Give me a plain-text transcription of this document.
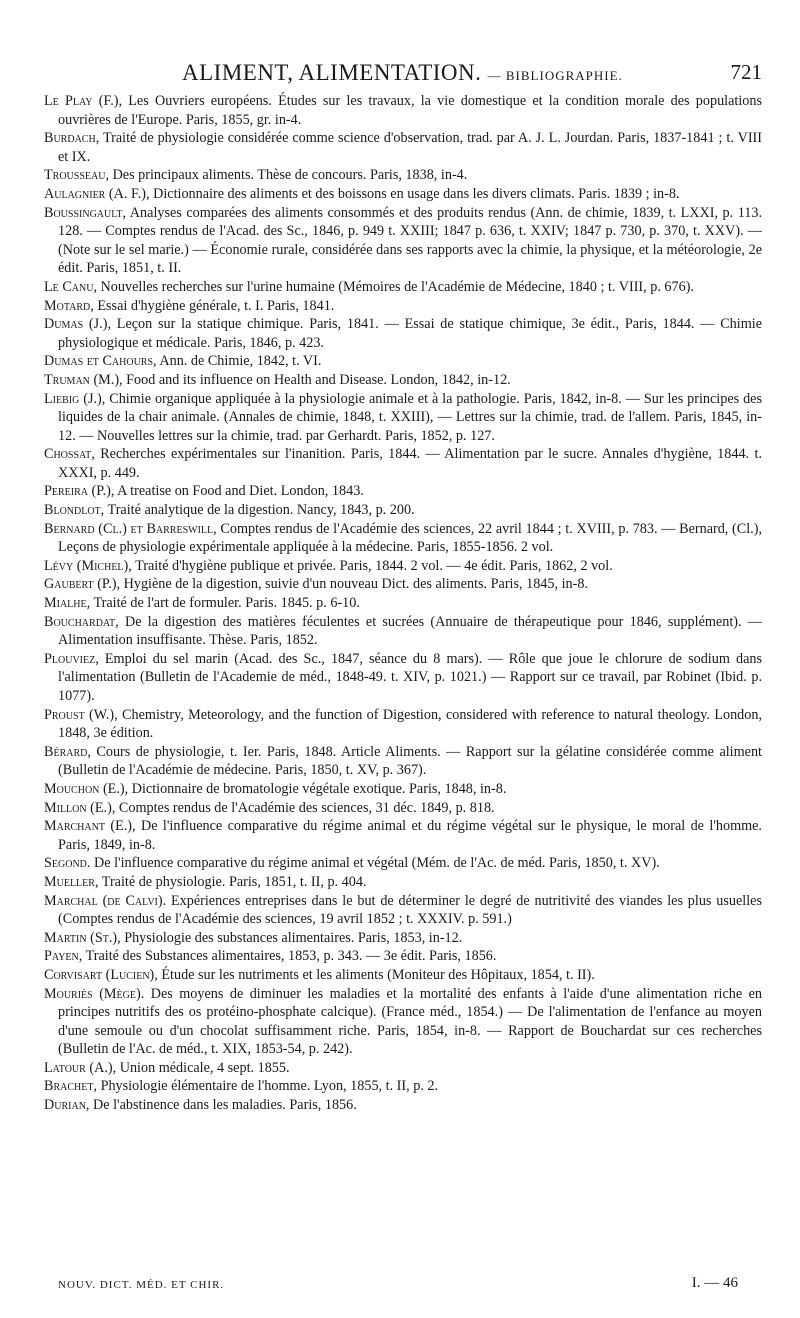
ALIMENT, ALIMENTATION. — BIBLIOGRAPHIE.	721

Le Play (F.), Les Ouvriers européens. Études sur les travaux, la vie domestique et la condition morale des populations ouvrières de l'Europe. Paris, 1855, gr. in-4.

Burdach, Traité de physiologie considérée comme science d'observation, trad. par A. J. L. Jourdan. Paris, 1837-1841 ; t. VIII et IX.

Trousseau, Des principaux aliments. Thèse de concours. Paris, 1838, in-4.

Aulagnier (A. F.), Dictionnaire des aliments et des boissons en usage dans les divers climats. Paris. 1839 ; in-8.

Boussingault, Analyses comparées des aliments consommés et des produits rendus (Ann. de chimie, 1839, t. LXXI, p. 113. 128. — Comptes rendus de l'Acad. des Sc., 1846, p. 949 t. XXIII; 1847 p. 636, t. XXIV; 1847 p. 730, p. 370, t. XXV). — (Note sur le sel marie.) — Économie rurale, considérée dans ses rapports avec la chimie, la physique, et la météorologie, 2e édit. Paris, 1851, t. II.

Le Canu, Nouvelles recherches sur l'urine humaine (Mémoires de l'Académie de Médecine, 1840 ; t. VIII, p. 676).

Motard, Essai d'hygiène générale, t. I. Paris, 1841.

Dumas (J.), Leçon sur la statique chimique. Paris, 1841. — Essai de statique chimique, 3e édit., Paris, 1844. — Chimie physiologique et médicale. Paris, 1846, p. 423.

Dumas et Cahours, Ann. de Chimie, 1842, t. VI.

Truman (M.), Food and its influence on Health and Disease. London, 1842, in-12.

Liebig (J.), Chimie organique appliquée à la physiologie animale et à la pathologie. Paris, 1842, in-8. — Sur les principes des liquides de la chair animale. (Annales de chimie, 1848, t. XXIII), — Lettres sur la chimie, trad. de l'allem. Paris, 1845, in-12. — Nouvelles lettres sur la chimie, trad. par Gerhardt. Paris, 1852, p. 127.

Chossat, Recherches expérimentales sur l'inanition. Paris, 1844. — Alimentation par le sucre. Annales d'hygiène, 1844. t. XXXI, p. 449.

Pereira (P.), A treatise on Food and Diet. London, 1843.

Blondlot, Traité analytique de la digestion. Nancy, 1843, p. 200.

Bernard (Cl.) et Barreswill, Comptes rendus de l'Académie des sciences, 22 avril 1844 ; t. XVIII, p. 783. — Bernard, (Cl.), Leçons de physiologie expérimentale appliquée à la médecine. Paris, 1855-1856. 2 vol.

Lévy (Michel), Traité d'hygiène publique et privée. Paris, 1844. 2 vol. — 4e édit. Paris, 1862, 2 vol.

Gaubert (P.), Hygiène de la digestion, suivie d'un nouveau Dict. des aliments. Paris, 1845, in-8.

Mialhe, Traité de l'art de formuler. Paris. 1845. p. 6-10.

Bouchardat, De la digestion des matières féculentes et sucrées (Annuaire de thérapeutique pour 1846, supplément). — Alimentation insuffisante. Thèse. Paris, 1852.

Plouviez, Emploi du sel marin (Acad. des Sc., 1847, séance du 8 mars). — Rôle que joue le chlorure de sodium dans l'alimentation (Bulletin de l'Academie de méd., 1848-49. t. XIV, p. 1021.) — Rapport sur ce travail, par Robinet (Ibid. p. 1077).

Proust (W.), Chemistry, Meteorology, and the function of Digestion, considered with reference to natural theology. London, 1848, 3e édition.

Bérard, Cours de physiologie, t. Ier. Paris, 1848. Article Aliments. — Rapport sur la gélatine considérée comme aliment (Bulletin de l'Académie de médecine. Paris, 1850, t. XV, p. 367).

Mouchon (E.), Dictionnaire de bromatologie végétale exotique. Paris, 1848, in-8.

Millon (E.), Comptes rendus de l'Académie des sciences, 31 déc. 1849, p. 818.

Marchant (E.), De l'influence comparative du régime animal et du régime végétal sur le physique, le moral de l'homme. Paris, 1849, in-8.

Segond. De l'influence comparative du régime animal et végétal (Mém. de l'Ac. de méd. Paris, 1850, t. XV).

Mueller, Traité de physiologie. Paris, 1851, t. II, p. 404.

Marchal (de Calvi). Expériences entreprises dans le but de déterminer le degré de nutritivité des viandes les plus usuelles (Comptes rendus de l'Académie des sciences, 19 avril 1852 ; t. XXXIV. p. 591.)

Martin (St.), Physiologie des substances alimentaires. Paris, 1853, in-12.

Payen, Traité des Substances alimentaires, 1853, p. 343. — 3e édit. Paris, 1856.

Corvisart (Lucien), Étude sur les nutriments et les aliments (Moniteur des Hôpitaux, 1854, t. II).

Mouriès (Mège). Des moyens de diminuer les maladies et la mortalité des enfants à l'aide d'une alimentation riche en principes nutritifs des os protéino-phosphate calcique). (France méd., 1854.) — De l'alimentation de l'enfance au moyen d'une semoule ou d'un chocolat suffisamment riche. Paris, 1854, in-8. — Rapport de Bouchardat sur ces recherches (Bulletin de l'Ac. de méd., t. XIX, 1853-54, p. 242).

Latour (A.), Union médicale, 4 sept. 1855.

Brachet, Physiologie élémentaire de l'homme. Lyon, 1855, t. II, p. 2.

Durian, De l'abstinence dans les maladies. Paris, 1856.

NOUV. DICT. MÉD. ET CHIR.	I. — 46
